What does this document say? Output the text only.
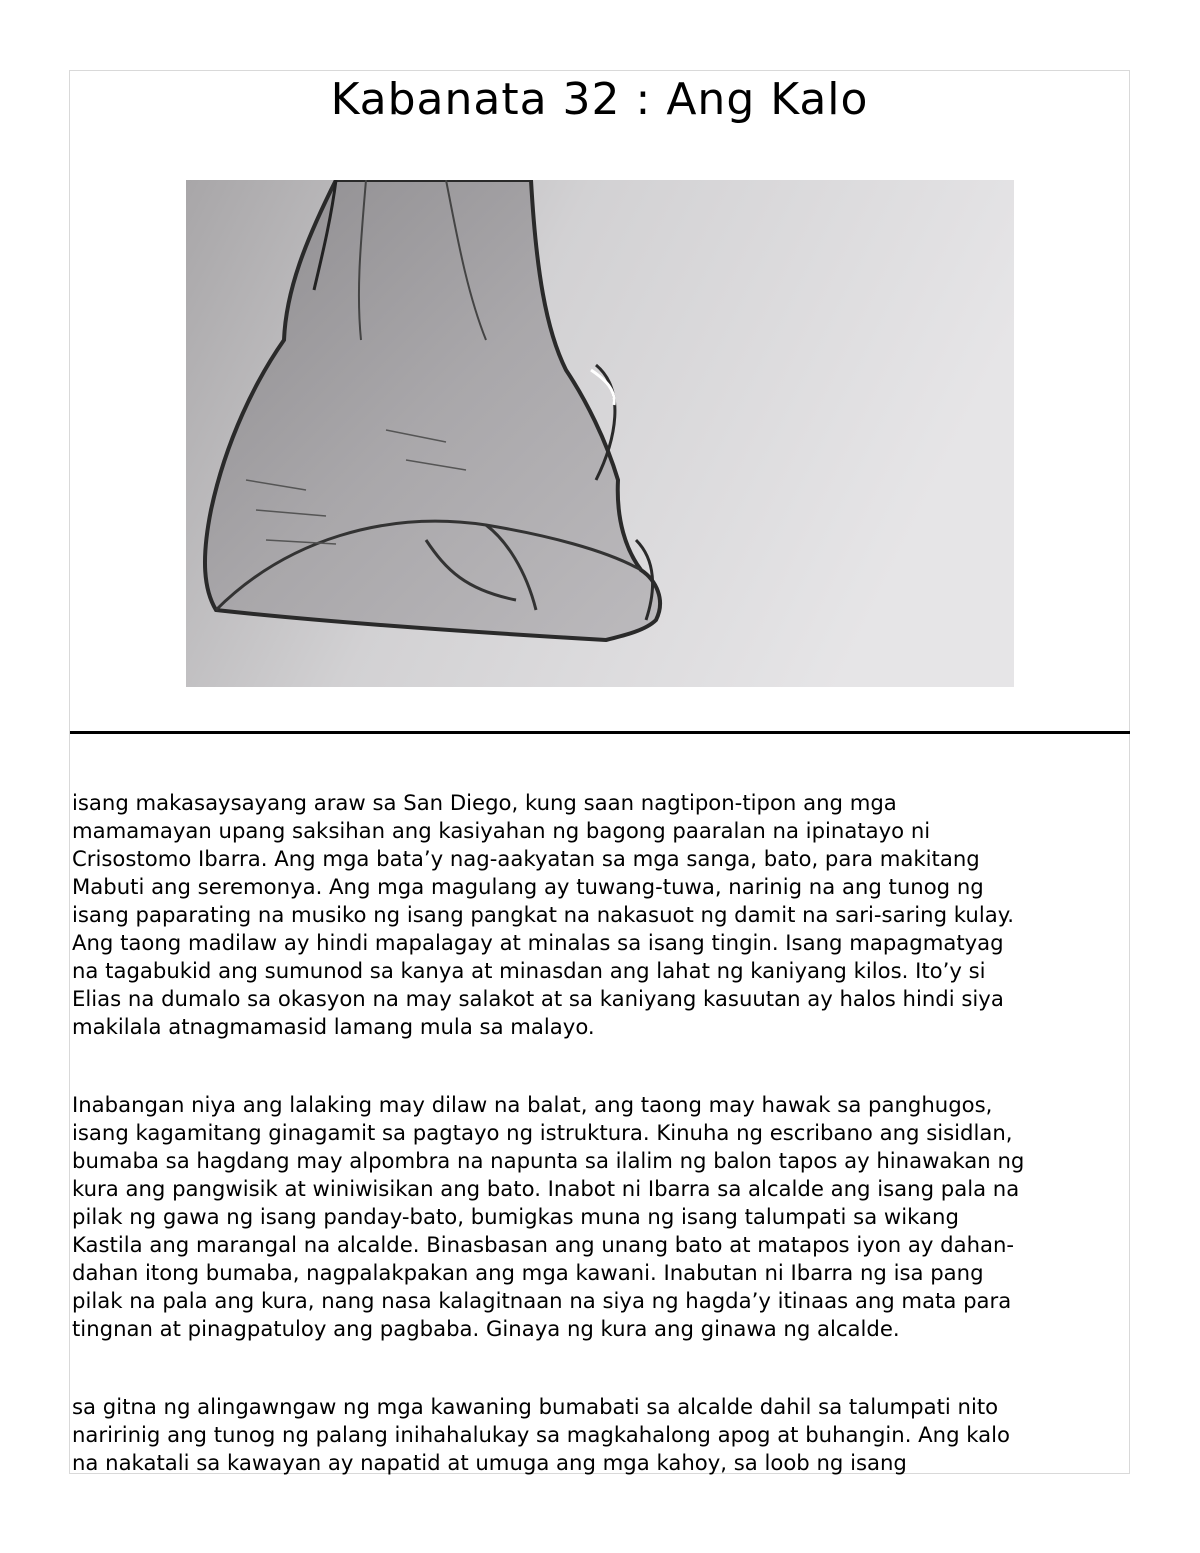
Kabanata 32 : Ang Kalo

isang makasaysayang araw sa San Diego, kung saan nagtipon-tipon ang mga
mamamayan upang saksihan ang kasiyahan ng bagong paaralan na ipinatayo ni
Crisostomo Ibarra. Ang mga bata’y nag-aakyatan sa mga sanga, bato, para makitang
Mabuti ang seremonya. Ang mga magulang ay tuwang-tuwa, narinig na ang tunog ng
isang paparating na musiko ng isang pangkat na nakasuot ng damit na sari-saring kulay.
Ang taong madilaw ay hindi mapalagay at minalas sa isang tingin. Isang mapagmatyag
na tagabukid ang sumunod sa kanya at minasdan ang lahat ng kaniyang kilos. Ito’y si
Elias na dumalo sa okasyon na may salakot at sa kaniyang kasuutan ay halos hindi siya
makilala atnagmamasid lamang mula sa malayo.

Inabangan niya ang lalaking may dilaw na balat, ang taong may hawak sa panghugos,
isang kagamitang ginagamit sa pagtayo ng istruktura. Kinuha ng escribano ang sisidlan,
bumaba sa hagdang may alpombra na napunta sa ilalim ng balon tapos ay hinawakan ng
kura ang pangwisik at winiwisikan ang bato. Inabot ni Ibarra sa alcalde ang isang pala na
pilak ng gawa ng isang panday-bato, bumigkas muna ng isang talumpati sa wikang
Kastila ang marangal na alcalde. Binasbasan ang unang bato at matapos iyon ay dahan-
dahan itong bumaba, nagpalakpakan ang mga kawani. Inabutan ni Ibarra ng isa pang
pilak na pala ang kura, nang nasa kalagitnaan na siya ng hagda’y itinaas ang mata para
tingnan at pinagpatuloy ang pagbaba. Ginaya ng kura ang ginawa ng alcalde.

sa gitna ng alingawngaw ng mga kawaning bumabati sa alcalde dahil sa talumpati nito
naririnig ang tunog ng palang inihahalukay sa magkahalong apog at buhangin. Ang kalo
na nakatali sa kawayan ay napatid at umuga ang mga kahoy, sa loob ng isang
